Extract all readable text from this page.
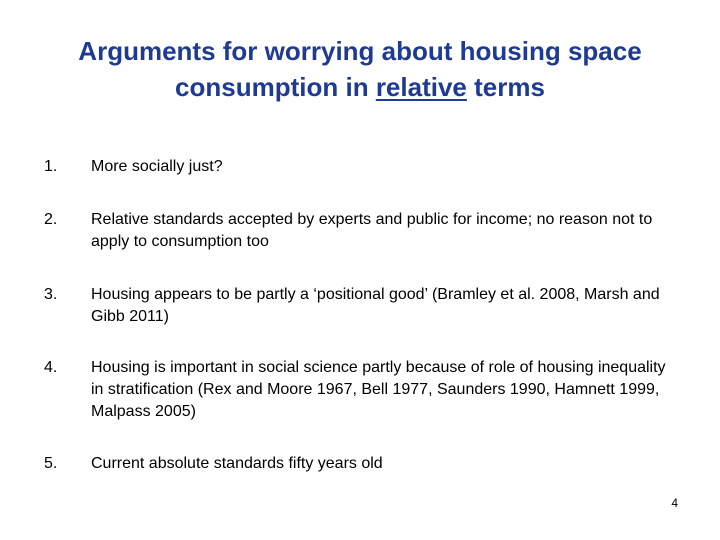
Arguments for worrying about housing space
consumption in relative terms
1.	More socially just?
2.	Relative standards accepted by experts and public for income; no reason not to apply to consumption too
3.	Housing appears to be partly a ‘positional good’ (Bramley et al. 2008, Marsh and Gibb 2011)
4.	Housing is important in social science partly because of role of housing inequality in stratification (Rex and Moore 1967, Bell 1977, Saunders 1990, Hamnett 1999, Malpass 2005)
5.	Current absolute standards fifty years old
4
